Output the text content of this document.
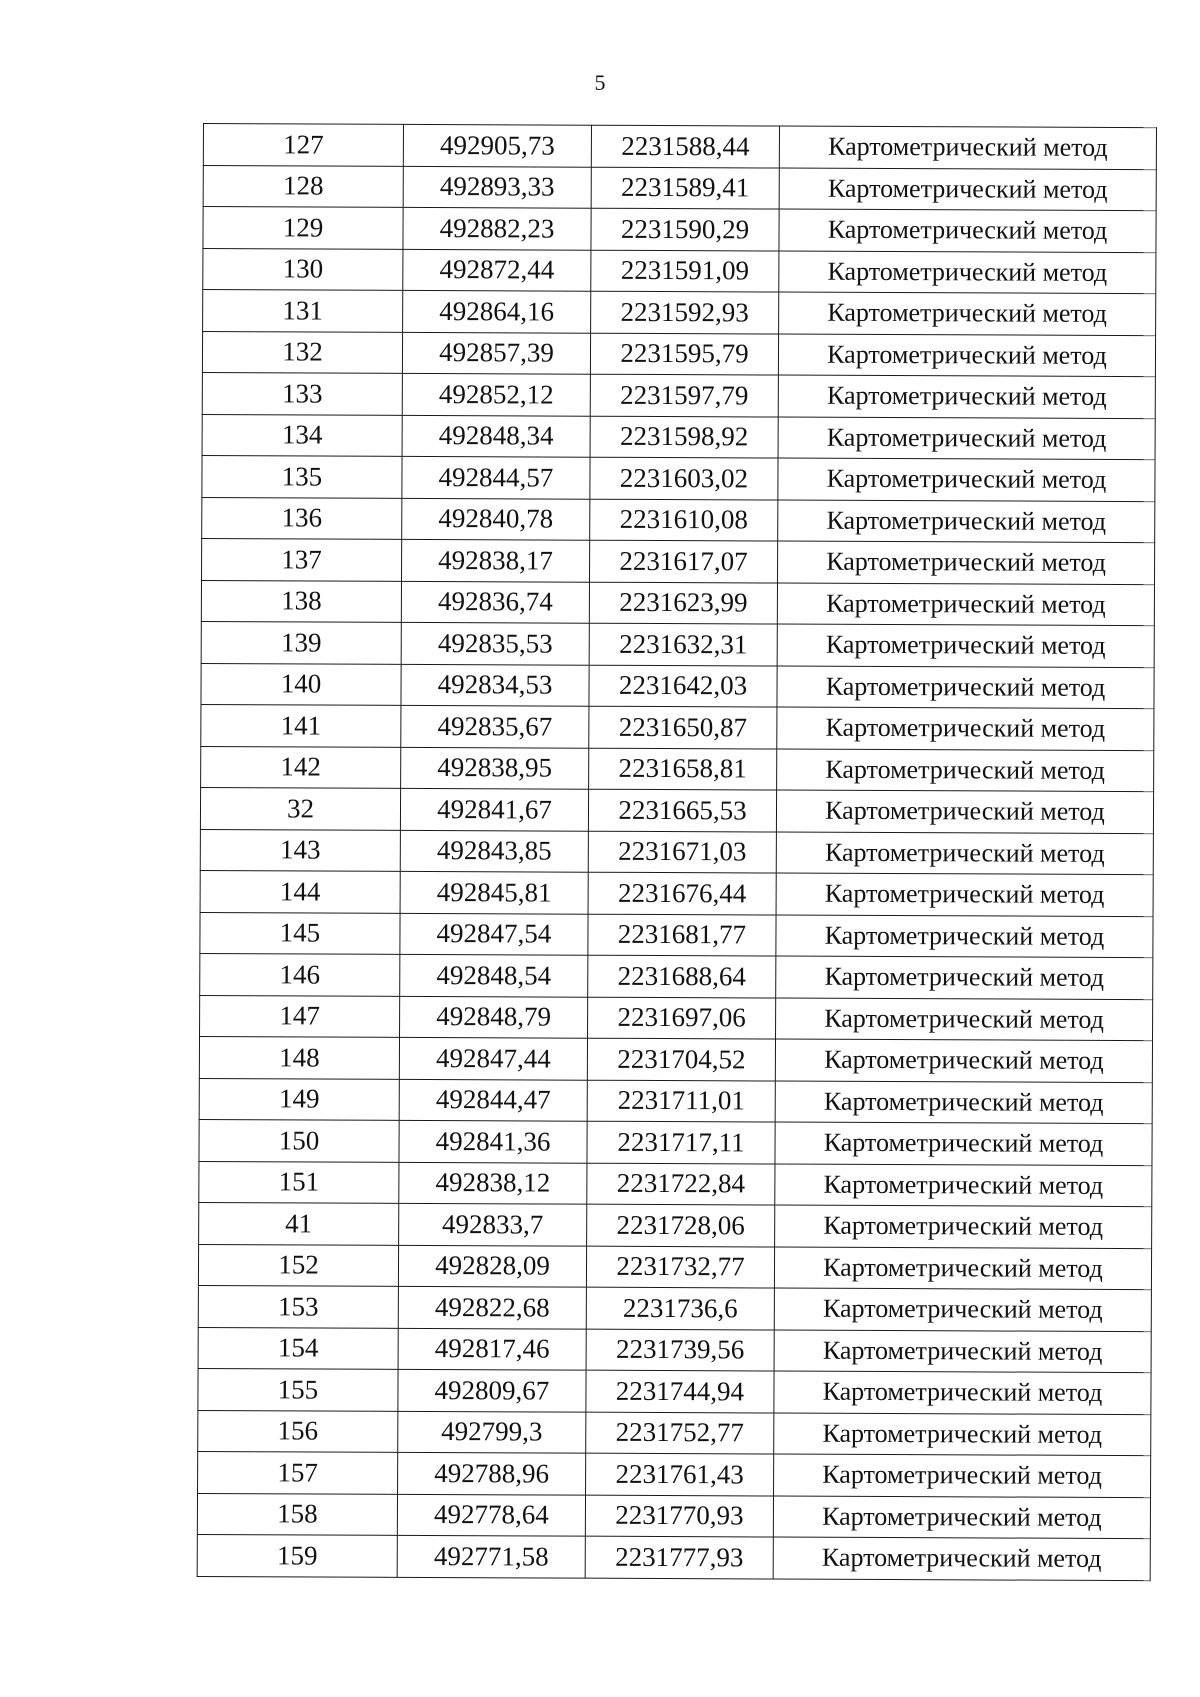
5
127	492905,73	2231588,44	Картометрический метод
128	492893,33	2231589,41	Картометрический метод
129	492882,23	2231590,29	Картометрический метод
130	492872,44	2231591,09	Картометрический метод
131	492864,16	2231592,93	Картометрический метод
132	492857,39	2231595,79	Картометрический метод
133	492852,12	2231597,79	Картометрический метод
134	492848,34	2231598,92	Картометрический метод
135	492844,57	2231603,02	Картометрический метод
136	492840,78	2231610,08	Картометрический метод
137	492838,17	2231617,07	Картометрический метод
138	492836,74	2231623,99	Картометрический метод
139	492835,53	2231632,31	Картометрический метод
140	492834,53	2231642,03	Картометрический метод
141	492835,67	2231650,87	Картометрический метод
142	492838,95	2231658,81	Картометрический метод
32	492841,67	2231665,53	Картометрический метод
143	492843,85	2231671,03	Картометрический метод
144	492845,81	2231676,44	Картометрический метод
145	492847,54	2231681,77	Картометрический метод
146	492848,54	2231688,64	Картометрический метод
147	492848,79	2231697,06	Картометрический метод
148	492847,44	2231704,52	Картометрический метод
149	492844,47	2231711,01	Картометрический метод
150	492841,36	2231717,11	Картометрический метод
151	492838,12	2231722,84	Картометрический метод
41	492833,7	2231728,06	Картометрический метод
152	492828,09	2231732,77	Картометрический метод
153	492822,68	2231736,6	Картометрический метод
154	492817,46	2231739,56	Картометрический метод
155	492809,67	2231744,94	Картометрический метод
156	492799,3	2231752,77	Картометрический метод
157	492788,96	2231761,43	Картометрический метод
158	492778,64	2231770,93	Картометрический метод
159	492771,58	2231777,93	Картометрический метод
